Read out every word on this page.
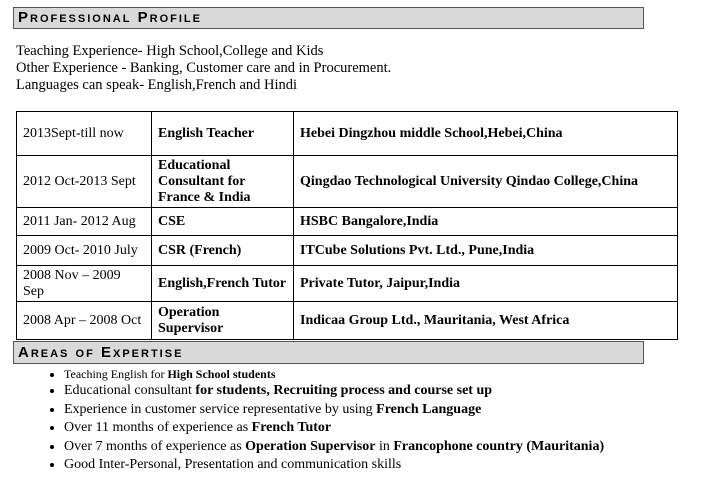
Professional Profile
Teaching Experience- High School,College and Kids
Other Experience - Banking, Customer care and in Procurement.
Languages can speak- English,French and Hindi
2013Sept-till now	English Teacher	Hebei Dingzhou middle School,Hebei,China
2012 Oct-2013 Sept	Educational Consultant for France & India	Qingdao Technological University Qindao College,China
2011 Jan- 2012 Aug	CSE	HSBC Bangalore,India
2009 Oct- 2010 July	CSR (French)	ITCube Solutions Pvt. Ltd., Pune,India
2008 Nov – 2009 Sep	English,French Tutor	Private Tutor, Jaipur,India
2008 Apr – 2008 Oct	Operation Supervisor	Indicaa Group Ltd., Mauritania, West Africa
Areas of Expertise
• Teaching English for High School students
• Educational consultant for students, Recruiting process and course set up
• Experience in customer service representative by using French Language
• Over 11 months of experience as French Tutor
• Over 7 months of experience as Operation Supervisor in Francophone country (Mauritania)
• Good Inter-Personal, Presentation and communication skills
